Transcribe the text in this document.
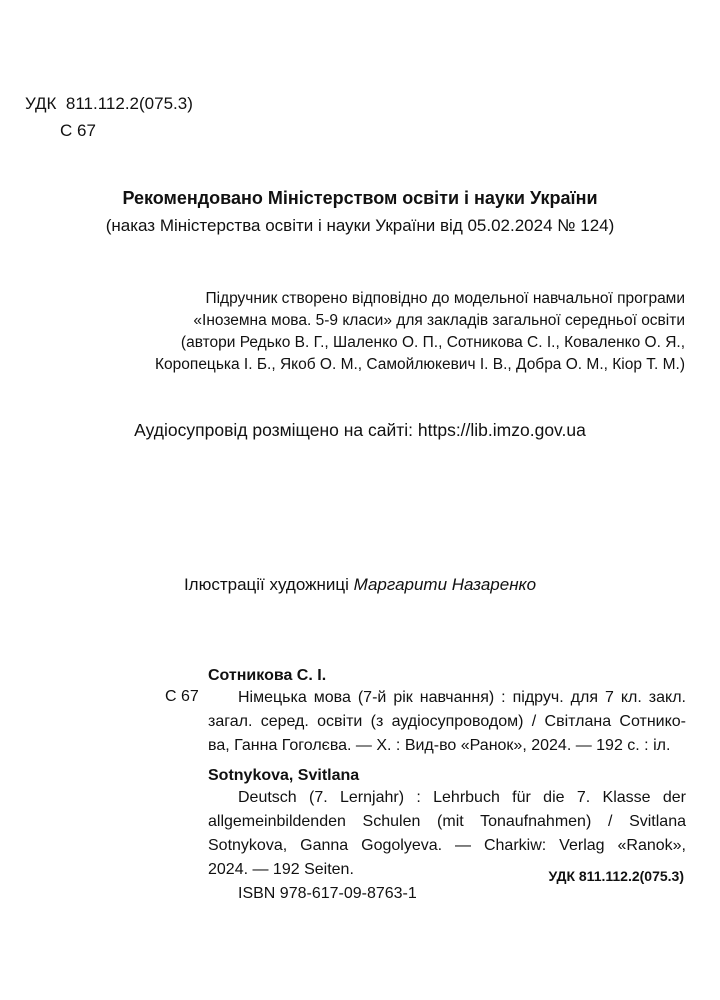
УДК 811.112.2(075.3)
С 67
Рекомендовано Міністерством освіти і науки України
(наказ Міністерства освіти і науки України від 05.02.2024 № 124)
Підручник створено відповідно до модельної навчальної програми
«Іноземна мова. 5-9 класи» для закладів загальної середньої освіти
(автори Редько В. Г., Шаленко О. П., Сотникова С. І., Коваленко О. Я.,
Коропецька І. Б., Якоб О. М., Самойлюкевич І. В., Добра О. М., Кіор Т. М.)
Аудіосупровід розміщено на сайті: https://lib.imzo.gov.ua
Ілюстрації художниці Маргарити Назаренко
Сотникова С. І.
С 67 Німецька мова (7-й рік навчання) : підруч. для 7 кл. закл.
загал. серед. освіти (з аудіосупроводом) / Світлана Сотнико-
ва, Ганна Гоголєва. — Х. : Вид-во «Ранок», 2024. — 192 с. : іл.
Sotnykova, Svitlana
Deutsch (7. Lernjahr) : Lehrbuch für die 7. Klasse der
allgemeinbildenden Schulen (mit Tonaufnahmen) / Svitlana
Sotnykova, Ganna Gogolyeva. — Charkiw: Verlag «Ranok»,
2024. — 192 Seiten.
ISBN 978-617-09-8763-1
УДК 811.112.2(075.3)
